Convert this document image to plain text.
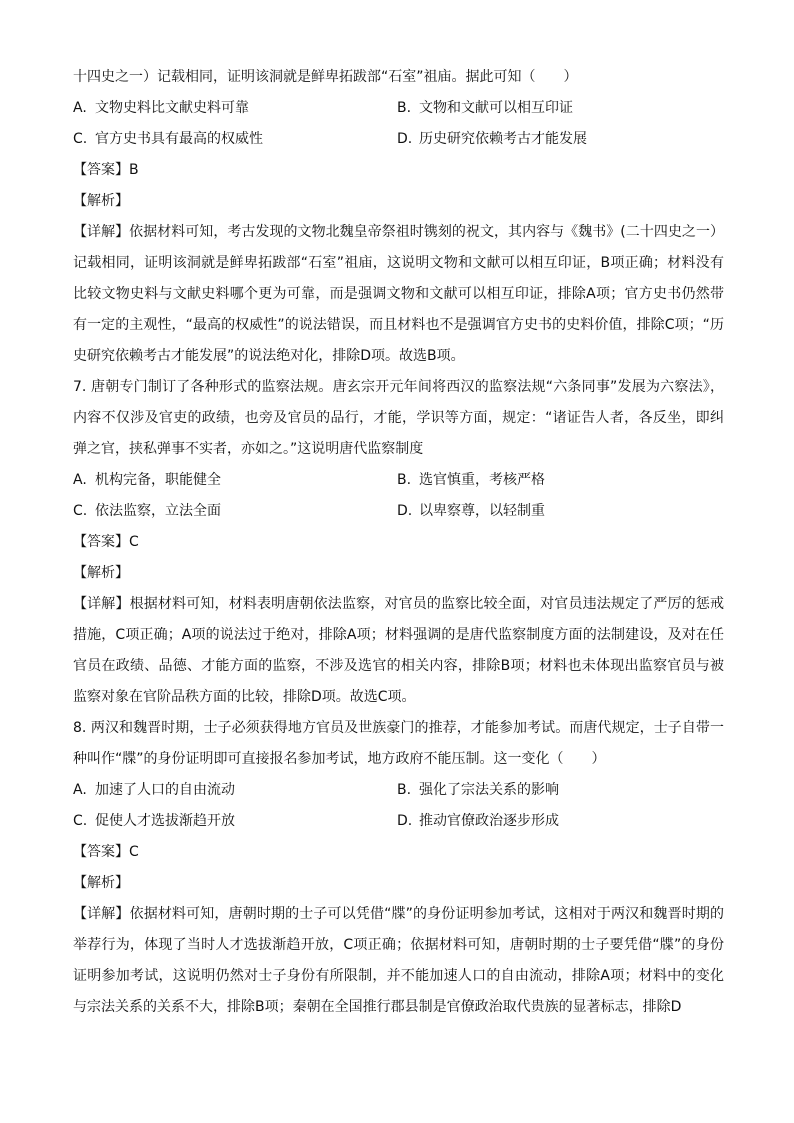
十四史之一）记载相同，证明该洞就是鲜卑拓跋部“石室”祖庙。据此可知（　　）
A. 文物史料比文献史料可靠	B. 文物和文献可以相互印证
C. 官方史书具有最高的权威性	D. 历史研究依赖考古才能发展
【答案】B
【解析】

【详解】依据材料可知，考古发现的文物北魏皇帝祭祖时镌刻的祝文，其内容与《魏书》(二十四史之一）记载相同，证明该洞就是鲜卑拓跋部“石室”祖庙，这说明文物和文献可以相互印证，B项正确；材料没有比较文物史料与文献史料哪个更为可靠，而是强调文物和文献可以相互印证，排除A项；官方史书仍然带有一定的主观性，“最高的权威性”的说法错误，而且材料也不是强调官方史书的史料价值，排除C项；“历史研究依赖考古才能发展”的说法绝对化，排除D项。故选B项。

7. 唐朝专门制订了各种形式的监察法规。唐玄宗开元年间将西汉的监察法规“六条同事”发展为六察法》，内容不仅涉及官吏的政绩，也旁及官员的品行，才能，学识等方面，规定：“诸证告人者，各反坐，即纠弹之官，挟私弹事不实者，亦如之。”这说明唐代监察制度

A. 机构完备，职能健全	B. 选官慎重，考核严格
C. 依法监察，立法全面	D. 以卑察尊，以轻制重
【答案】C
【解析】

【详解】根据材料可知，材料表明唐朝依法监察，对官员的监察比较全面，对官员违法规定了严厉的惩戒措施，C项正确；A项的说法过于绝对，排除A项；材料强调的是唐代监察制度方面的法制建设，及对在任官员在政绩、品德、才能方面的监察，不涉及选官的相关内容，排除B项；材料也未体现出监察官员与被监察对象在官阶品秩方面的比较，排除D项。故选C项。

8. 两汉和魏晋时期，士子必须获得地方官员及世族豪门的推荐，才能参加考试。而唐代规定，士子自带一种叫作“牒”的身份证明即可直接报名参加考试，地方政府不能压制。这一变化（　　）

A. 加速了人口的自由流动	B. 强化了宗法关系的影响
C. 促使人才选拔渐趋开放	D. 推动官僚政治逐步形成
【答案】C
【解析】

【详解】依据材料可知，唐朝时期的士子可以凭借“牒”的身份证明参加考试，这相对于两汉和魏晋时期的举荐行为，体现了当时人才选拔渐趋开放，C项正确；依据材料可知，唐朝时期的士子要凭借“牒”的身份证明参加考试，这说明仍然对士子身份有所限制，并不能加速人口的自由流动，排除A项；材料中的变化与宗法关系的关系不大，排除B项；秦朝在全国推行郡县制是官僚政治取代贵族的显著标志，排除D
